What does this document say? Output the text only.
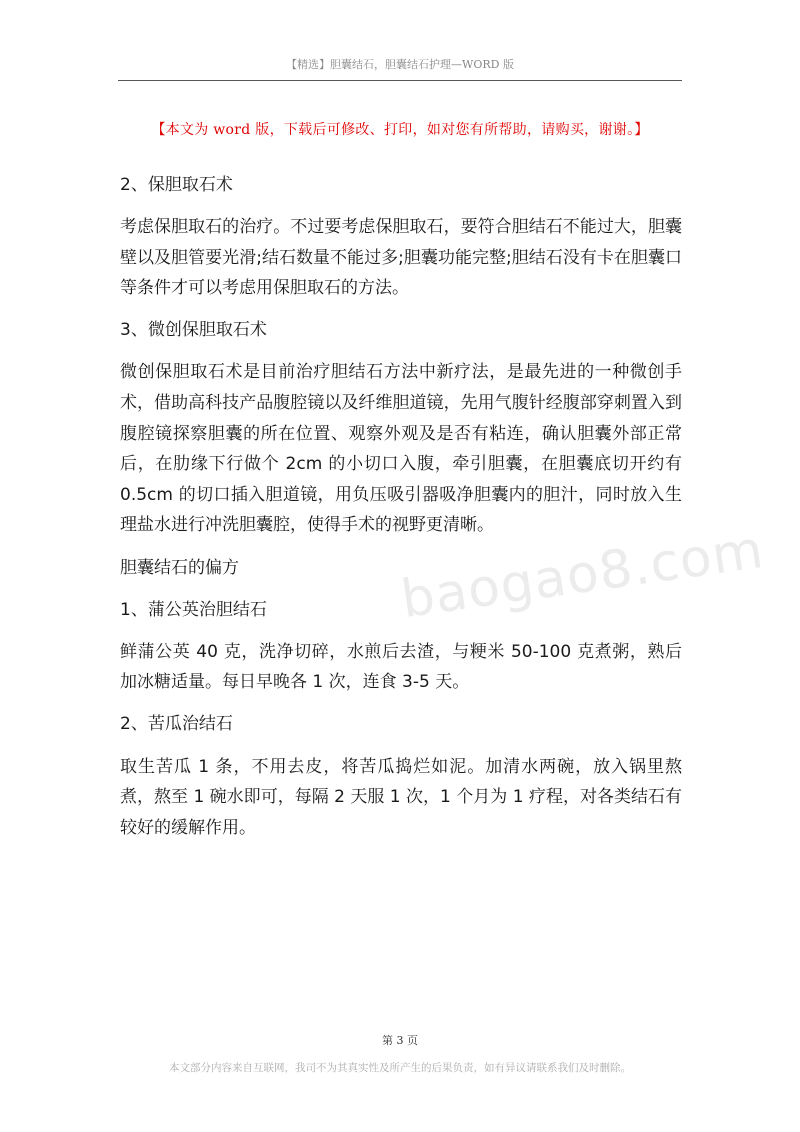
【精选】胆囊结石，胆囊结石护理—WORD 版
【本文为 word 版，下载后可修改、打印，如对您有所帮助，请购买，谢谢。】
baogao8.com

2、保胆取石术

考虑保胆取石的治疗。不过要考虑保胆取石，要符合胆结石不能过大，胆囊壁以及胆管要光滑;结石数量不能过多;胆囊功能完整;胆结石没有卡在胆囊口等条件才可以考虑用保胆取石的方法。

3、微创保胆取石术

微创保胆取石术是目前治疗胆结石方法中新疗法，是最先进的一种微创手术，借助高科技产品腹腔镜以及纤维胆道镜，先用气腹针经腹部穿刺置入到腹腔镜探察胆囊的所在位置、观察外观及是否有粘连，确认胆囊外部正常后，在肋缘下行做个 2cm 的小切口入腹，牵引胆囊，在胆囊底切开约有 0.5cm 的切口插入胆道镜，用负压吸引器吸净胆囊内的胆汁，同时放入生理盐水进行冲洗胆囊腔，使得手术的视野更清晰。

胆囊结石的偏方

1、蒲公英治胆结石

鲜蒲公英 40 克，洗净切碎，水煎后去渣，与粳米 50-100 克煮粥，熟后加冰糖适量。每日早晚各 1 次，连食 3-5 天。

2、苦瓜治结石

取生苦瓜 1 条，不用去皮，将苦瓜捣烂如泥。加清水两碗，放入锅里熬煮，熬至 1 碗水即可，每隔 2 天服 1 次，1 个月为 1 疗程，对各类结石有较好的缓解作用。

第 3 页
本文部分内容来自互联网，我司不为其真实性及所产生的后果负责，如有异议请联系我们及时删除。
